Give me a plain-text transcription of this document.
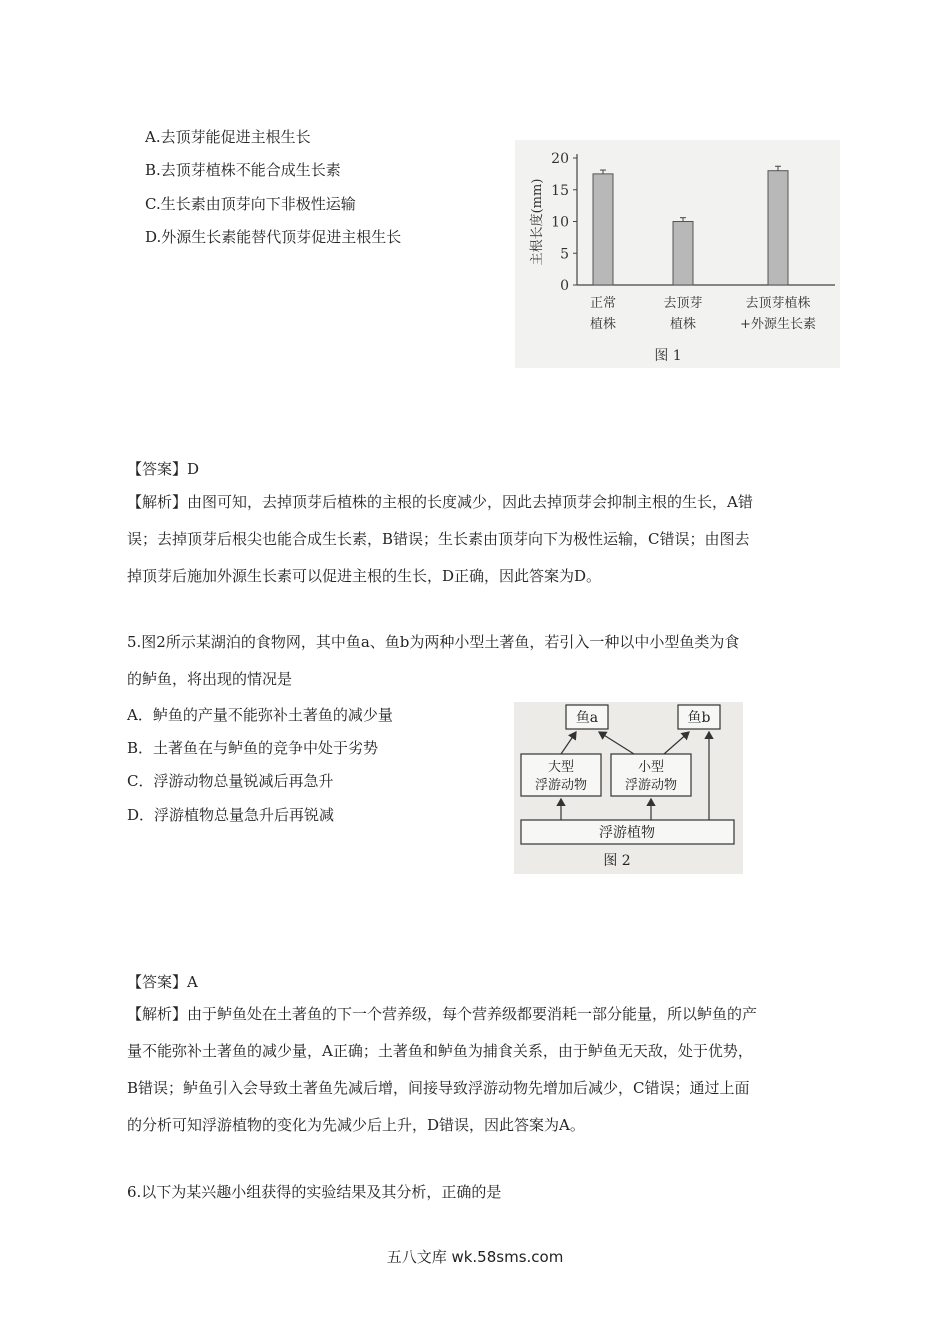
A.去顶芽能促进主根生长
B.去顶芽植株不能合成生长素
C.生长素由顶芽向下非极性运输
D.外源生长素能替代顶芽促进主根生长
20
15
10
5
0
主根长度(mm)
正常
植株
去顶芽
植株
去顶芽植株
+外源生长素
图 1
【答案】D
【解析】由图可知，去掉顶芽后植株的主根的长度减少，因此去掉顶芽会抑制主根的生长，A错
误；去掉顶芽后根尖也能合成生长素，B错误；生长素由顶芽向下为极性运输，C错误；由图去
掉顶芽后施加外源生长素可以促进主根的生长，D正确，因此答案为D。
5.图2所示某湖泊的食物网，其中鱼a、鱼b为两种小型土著鱼，若引入一种以中小型鱼类为食
的鲈鱼，将出现的情况是
A．鲈鱼的产量不能弥补土著鱼的减少量
B．土著鱼在与鲈鱼的竞争中处于劣势
C．浮游动物总量锐减后再急升
D．浮游植物总量急升后再锐减
鱼a	鱼b
大型
浮游动物
小型
浮游动物
浮游植物
图 2
【答案】A
【解析】由于鲈鱼处在土著鱼的下一个营养级，每个营养级都要消耗一部分能量，所以鲈鱼的产
量不能弥补土著鱼的减少量，A正确；土著鱼和鲈鱼为捕食关系，由于鲈鱼无天敌，处于优势，
B错误；鲈鱼引入会导致土著鱼先减后增，间接导致浮游动物先增加后减少，C错误；通过上面
的分析可知浮游植物的变化为先减少后上升，D错误，因此答案为A。
6.以下为某兴趣小组获得的实验结果及其分析，正确的是
五八文库 wk.58sms.com
